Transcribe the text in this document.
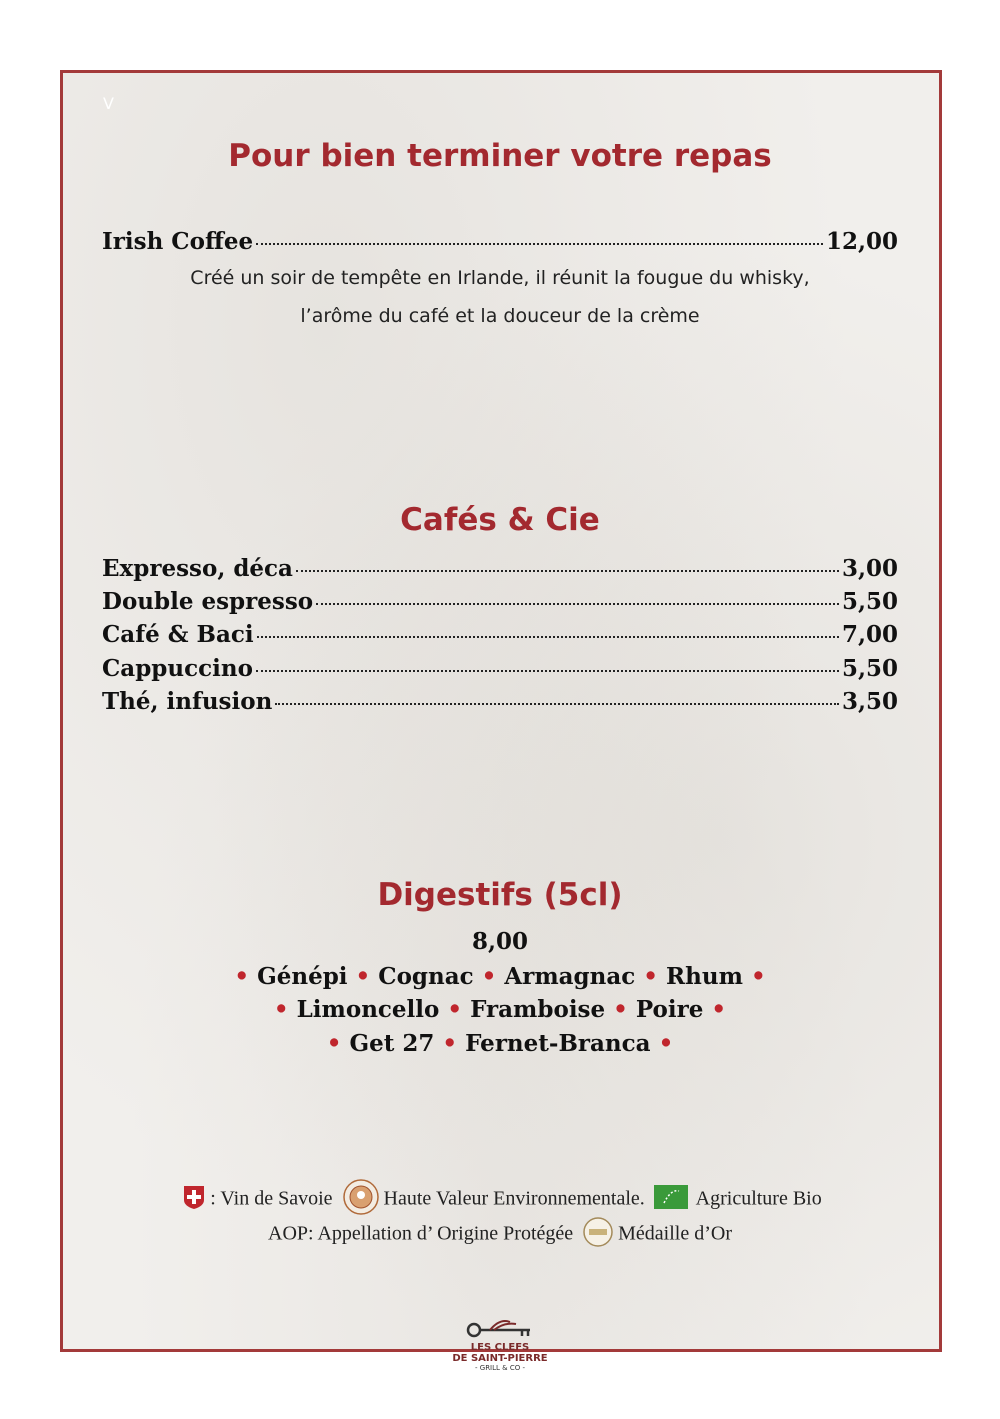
V
Pour bien terminer votre repas
Irish Coffee	12,00
Créé un soir de tempête en Irlande, il réunit la fougue du whisky,
l’arôme du café et la douceur de la crème
Cafés & Cie
Expresso, déca	3,00
Double espresso	5,50
Café & Baci	7,00
Cappuccino	5,50
Thé, infusion	3,50
Digestifs (5cl)
8,00
• Génépi • Cognac • Armagnac • Rhum •
• Limoncello • Framboise • Poire •
• Get 27 • Fernet-Branca •
: Vin de Savoie	Haute Valeur Environnementale.	Agriculture Bio
AOP: Appellation d’ Origine Protégée Médaille d’Or
LES CLEFS
DE SAINT-PIERRE
- GRILL & CO -
